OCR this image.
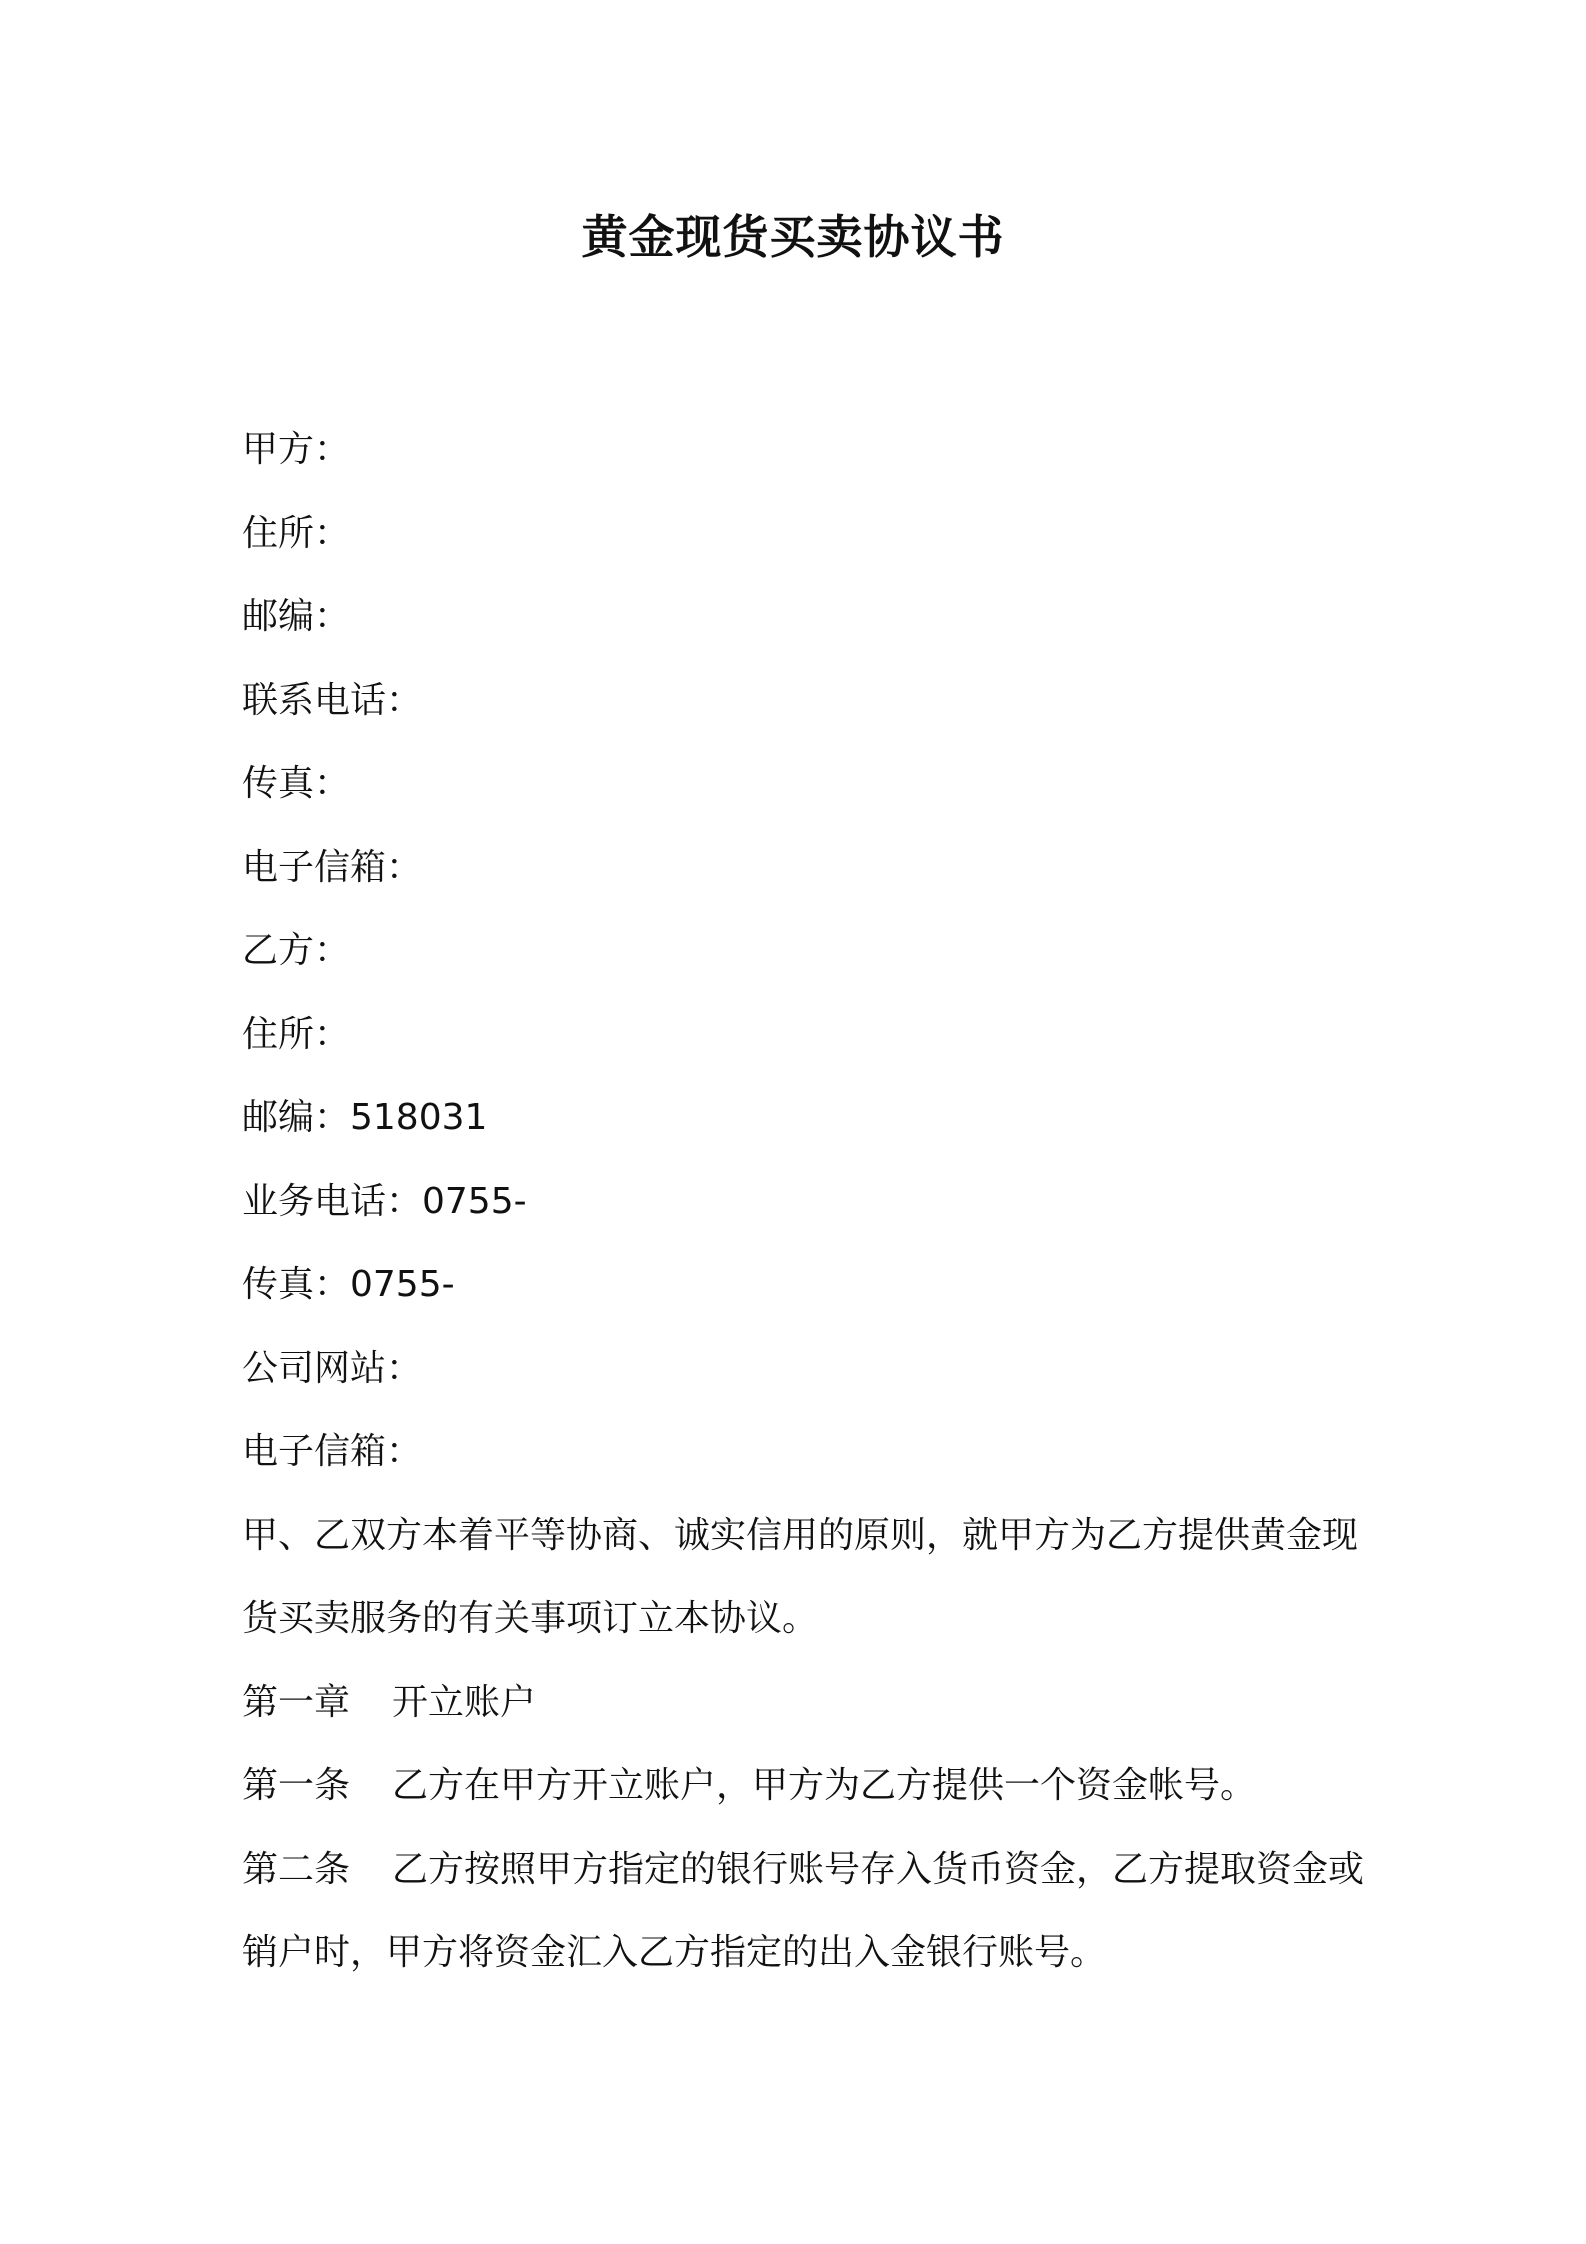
黄金现货买卖协议书

甲方：

住所：

邮编：

联系电话：

传真：

电子信箱：

乙方：

住所：

邮编：518031

业务电话：0755-

传真：0755-

公司网站：

电子信箱：

甲、乙双方本着平等协商、诚实信用的原则，就甲方为乙方提供黄金现货买卖服务的有关事项订立本协议。

第一章 开立账户

第一条 乙方在甲方开立账户，甲方为乙方提供一个资金帐号。

第二条 乙方按照甲方指定的银行账号存入货币资金，乙方提取资金或销户时，甲方将资金汇入乙方指定的出入金银行账号。
